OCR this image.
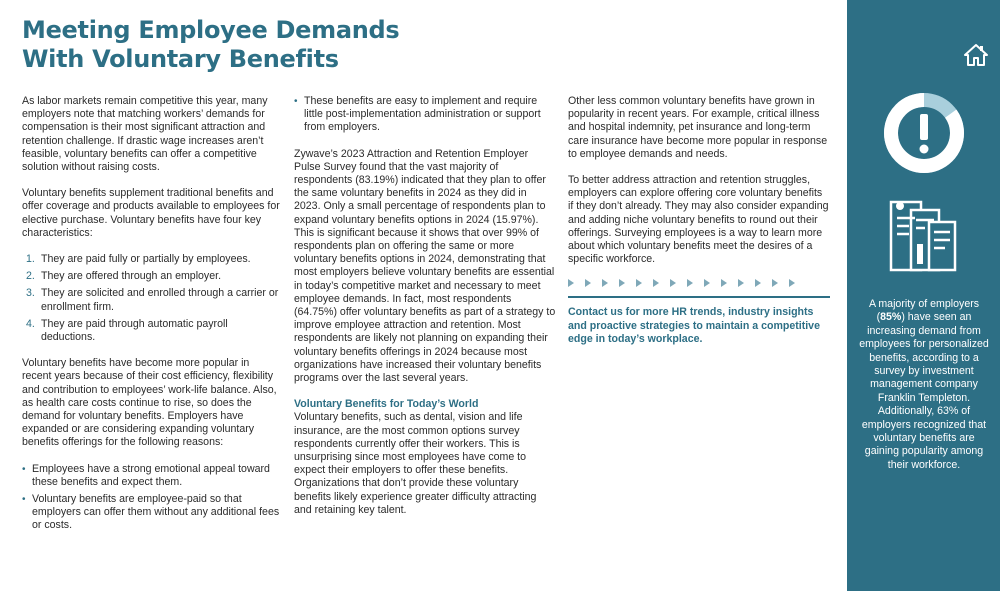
Meeting Employee Demands With Voluntary Benefits

As labor markets remain competitive this year, many employers note that matching workers’ demands for compensation is their most significant attraction and retention challenge. If drastic wage increases aren’t feasible, voluntary benefits can offer a competitive solution without raising costs.

Voluntary benefits supplement traditional benefits and offer coverage and products available to employees for elective purchase. Voluntary benefits have four key characteristics:

1. They are paid fully or partially by employees.
2. They are offered through an employer.
3. They are solicited and enrolled through a carrier or enrollment firm.
4. They are paid through automatic payroll deductions.

Voluntary benefits have become more popular in recent years because of their cost efficiency, flexibility and contribution to employees’ work-life balance. Also, as health care costs continue to rise, so does the demand for voluntary benefits. Employers have expanded or are considering expanding voluntary benefits offerings for the following reasons:

• Employees have a strong emotional appeal toward these benefits and expect them.
• Voluntary benefits are employee-paid so that employers can offer them without any additional fees or costs.
• These benefits are easy to implement and require little post-implementation administration or support from employers.

Zywave’s 2023 Attraction and Retention Employer Pulse Survey found that the vast majority of respondents (83.19%) indicated that they plan to offer the same voluntary benefits in 2024 as they did in 2023. Only a small percentage of respondents plan to expand voluntary benefits options in 2024 (15.97%). This is significant because it shows that over 99% of respondents plan on offering the same or more voluntary benefits options in 2024, demonstrating that most employers believe voluntary benefits are essential in today’s competitive market and necessary to meet employee demands. In fact, most respondents (64.75%) offer voluntary benefits as part of a strategy to improve employee attraction and retention. Most respondents are likely not planning on expanding their voluntary benefits offerings in 2024 because most organizations have increased their voluntary benefits programs over the last several years.

Voluntary Benefits for Today’s World
Voluntary benefits, such as dental, vision and life insurance, are the most common options survey respondents currently offer their workers. This is unsurprising since most employees have come to expect their employers to offer these benefits. Organizations that don’t provide these voluntary benefits likely experience greater difficulty attracting and retaining key talent.

Other less common voluntary benefits have grown in popularity in recent years. For example, critical illness and hospital indemnity, pet insurance and long-term care insurance have become more popular in response to employee demands and needs.

To better address attraction and retention struggles, employers can explore offering core voluntary benefits if they don’t already. They may also consider expanding and adding niche voluntary benefits to round out their offerings. Surveying employees is a way to learn more about which voluntary benefits meet the desires of a specific workforce.

Contact us for more HR trends, industry insights and proactive strategies to maintain a competitive edge in today’s workplace.

A majority of employers (85%) have seen an increasing demand from employees for personalized benefits, according to a survey by investment management company Franklin Templeton. Additionally, 63% of employers recognized that voluntary benefits are gaining popularity among their workforce.
